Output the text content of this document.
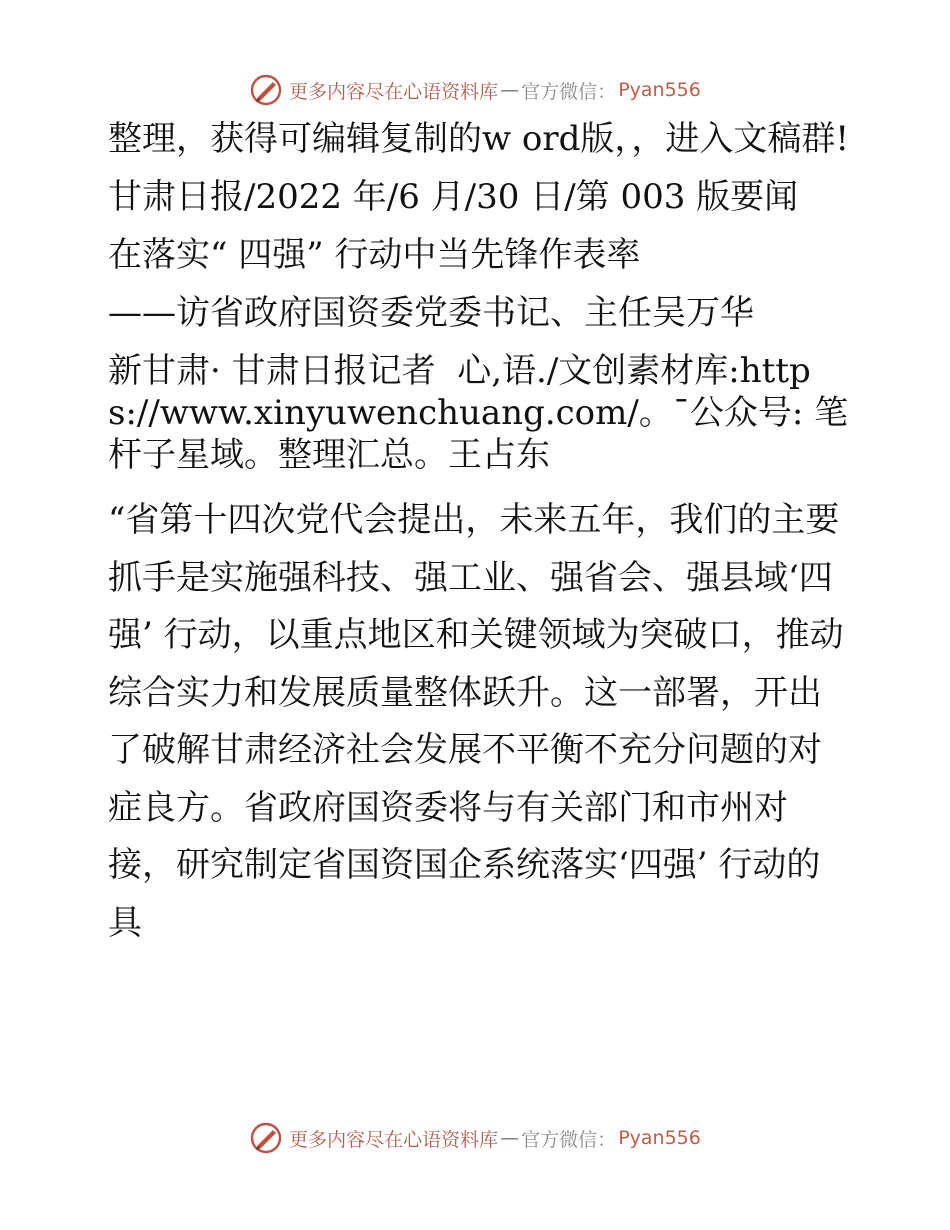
更多内容尽在心语资料库 — 官方微信： Pyan556

整理，获得可编辑复制的w ord版，，进入文稿群!

甘肃日报/2022 年/6 月/30 日/第 003 版要闻

在落实“ 四强” 行动中当先锋作表率

——访省政府国资委党委书记、主任吴万华

新甘肃· 甘肃日报记者  心,语./文创素材库:https://www.xinyuwenchuang.com/。¯公众号: 笔杆子星域。整理汇总。王占东

“省第十四次党代会提出，未来五年，我们的主要抓手是实施强科技、强工业、强省会、强县域‘四强’ 行动，以重点地区和关键领域为突破口，推动综合实力和发展质量整体跃升。这一部署，开出了破解甘肃经济社会发展不平衡不充分问题的对症良方。省政府国资委将与有关部门和市州对接，研究制定省国资国企系统落实‘四强’ 行动的具

更多内容尽在心语资料库 — 官方微信： Pyan556
